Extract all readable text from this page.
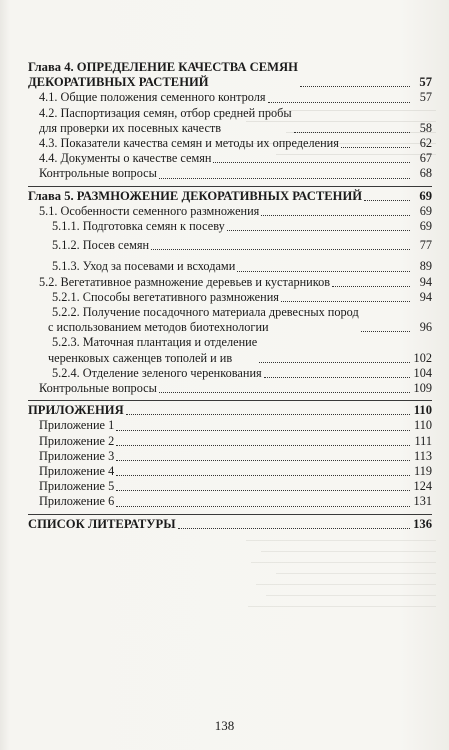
Глава 4. ОПРЕДЕЛЕНИЕ КАЧЕСТВА СЕМЯН
ДЕКОРАТИВНЫХ РАСТЕНИЙ	57
4.1. Общие положения семенного контроля	57
4.2. Паспортизация семян, отбор средней пробы
для проверки их посевных качеств	58
4.3. Показатели качества семян и методы их определения	62
4.4. Документы о качестве семян	67
Контрольные вопросы	68
Глава 5. РАЗМНОЖЕНИЕ ДЕКОРАТИВНЫХ РАСТЕНИЙ	69
5.1. Особенности семенного размножения	69
5.1.1. Подготовка семян к посеву	69
5.1.2. Посев семян	77
5.1.3. Уход за посевами и всходами	89
5.2. Вегетативное размножение деревьев и кустарников	94
5.2.1. Способы вегетативного размножения	94
5.2.2. Получение посадочного материала древесных пород
с использованием методов биотехнологии	96
5.2.3. Маточная плантация и отделение
черенковых саженцев тополей и ив	102
5.2.4. Отделение зеленого черенкования	104
Контрольные вопросы	109
ПРИЛОЖЕНИЯ	110
Приложение 1	110
Приложение 2	111
Приложение 3	113
Приложение 4	119
Приложение 5	124
Приложение 6	131
СПИСОК ЛИТЕРАТУРЫ	136
138
